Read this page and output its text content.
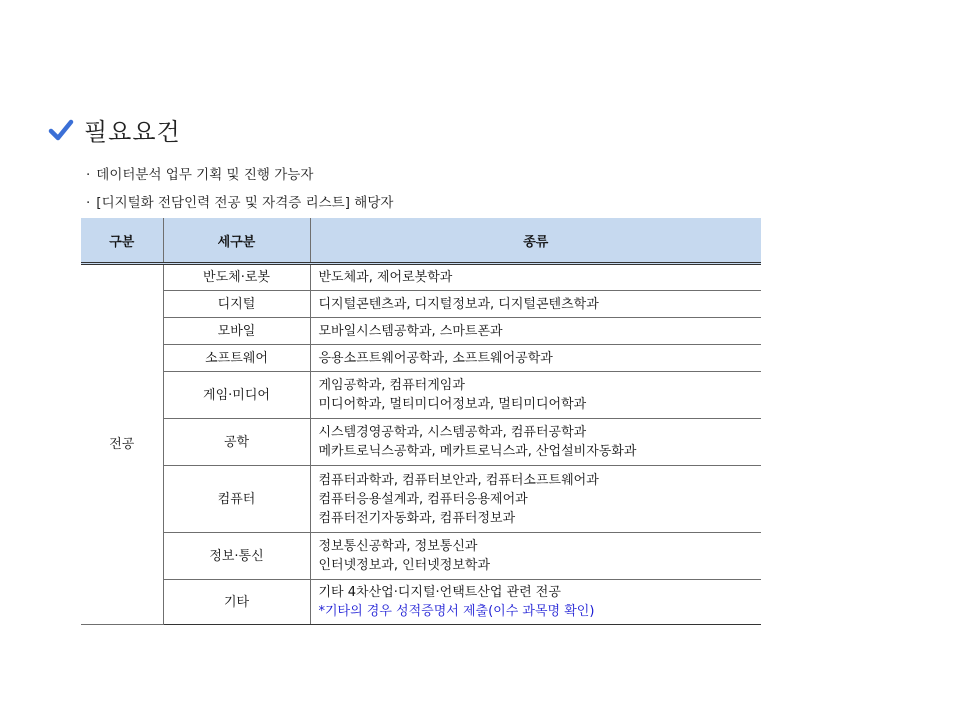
필요요건
· 데이터분석 업무 기획 및 진행 가능자
· [디지털화 전담인력 전공 및 자격증 리스트] 해당자
구분	세구분	종류
전공	반도체·로봇	반도체과, 제어로봇학과

	디지털	디지털콘텐츠과, 디지털정보과, 디지털콘텐츠학과

	모바일	모바일시스템공학과, 스마트폰과

	소프트웨어	응용소프트웨어공학과, 소프트웨어공학과

	게임·미디어	게임공학과, 컴퓨터게임과
미디어학과, 멀티미디어정보과, 멀티미디어학과

	공학	시스템경영공학과, 시스템공학과, 컴퓨터공학과
메카트로닉스공학과, 메카트로닉스과, 산업설비자동화과

	컴퓨터	컴퓨터과학과, 컴퓨터보안과, 컴퓨터소프트웨어과
컴퓨터응용설계과, 컴퓨터응용제어과
컴퓨터전기자동화과, 컴퓨터정보과

	정보·통신	정보통신공학과, 정보통신과
인터넷정보과, 인터넷정보학과

	기타	기타 4차산업·디지털·언택트산업 관련 전공
*기타의 경우 성적증명서 제출(이수 과목명 확인)
